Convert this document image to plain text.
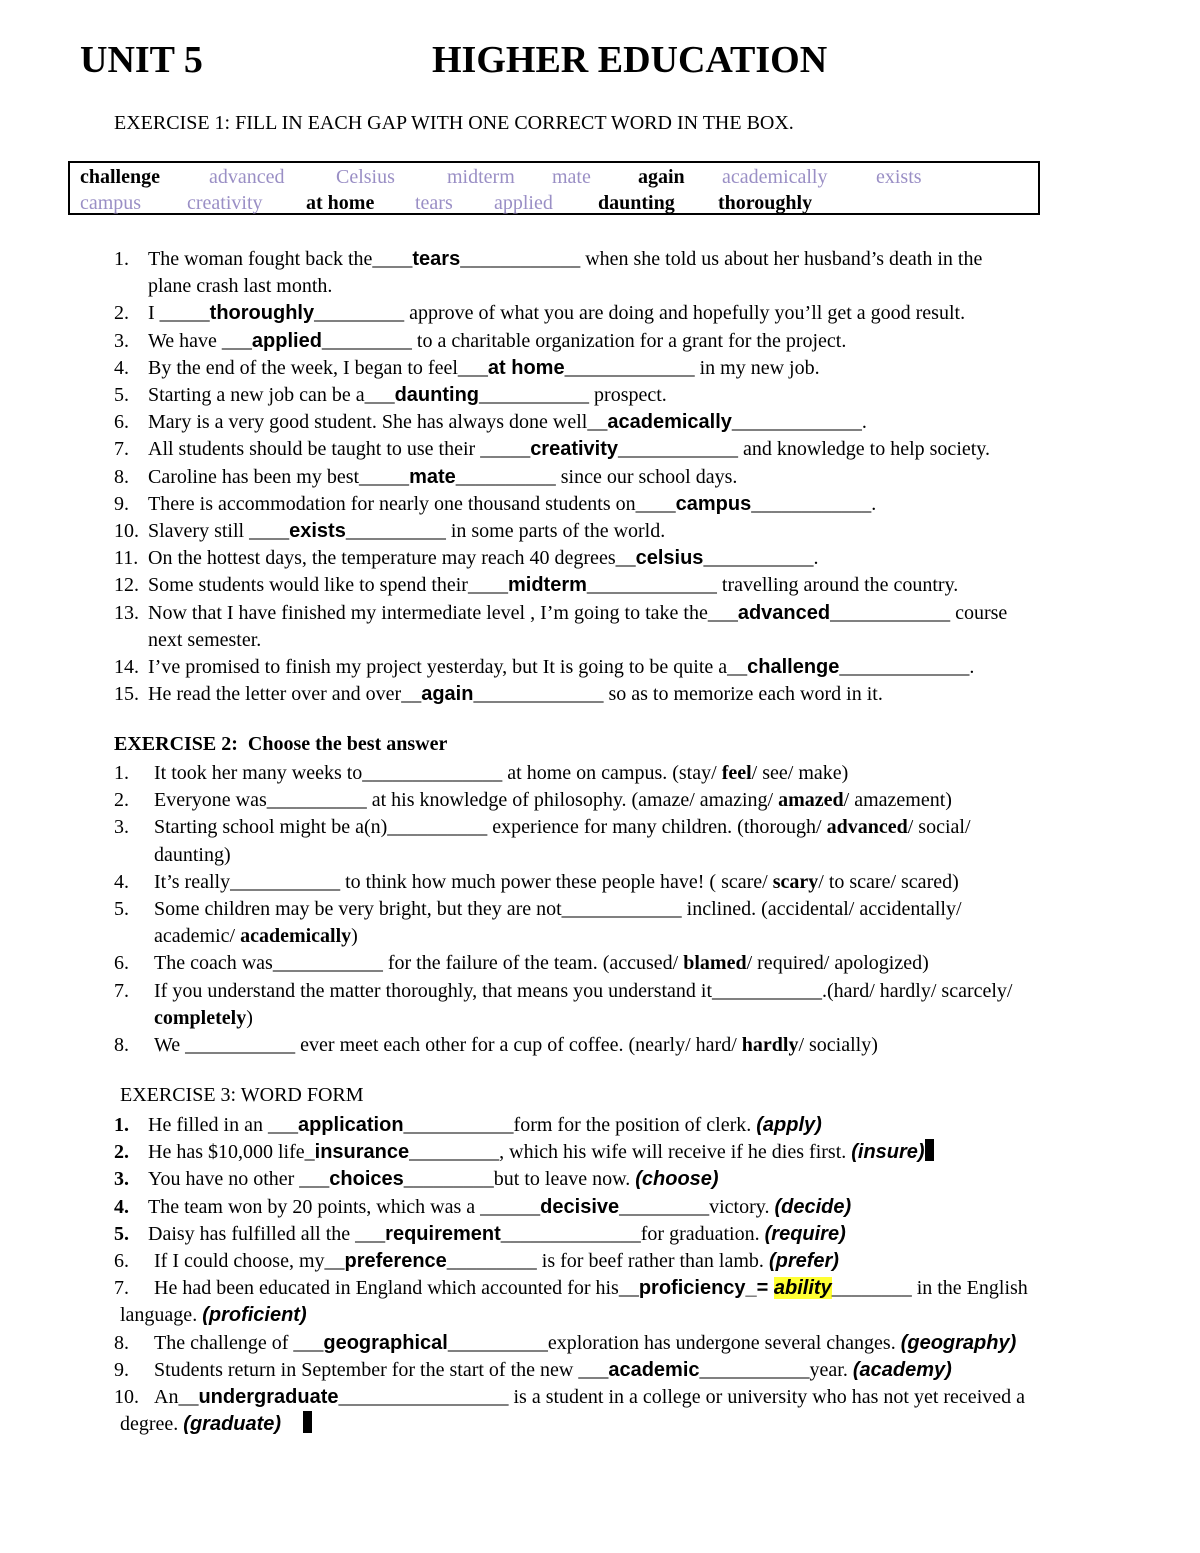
UNIT 5	HIGHER EDUCATION
EXERCISE 1: FILL IN EACH GAP WITH ONE CORRECT WORD IN THE BOX.
challenge advanced	Celsius	midterm mate again academically exists
campus creativity at home tears applied daunting thoroughly
1. The woman fought back the____tears____________ when she told us about her husband’s death in the
plane crash last month.
2. I _____thoroughly_________ approve of what you are doing and hopefully you’ll get a good result.
3. We have ___applied_________ to a charitable organization for a grant for the project.
4. By the end of the week, I began to feel___at home_____________ in my new job.
5. Starting a new job can be a___daunting___________ prospect.
6. Mary is a very good student. She has always done well__academically_____________.
7. All students should be taught to use their _____creativity____________ and knowledge to help society.
8. Caroline has been my best_____mate__________ since our school days.
9. There is accommodation for nearly one thousand students on____campus____________.
10. Slavery still ____exists__________ in some parts of the world.
11. On the hottest days, the temperature may reach 40 degrees__celsius___________.
12. Some students would like to spend their____midterm_____________ travelling around the country.
13. Now that I have finished my intermediate level , I’m going to take the___advanced____________ course
next semester.
14. I’ve promised to finish my project yesterday, but It is going to be quite a__challenge_____________.
15. He read the letter over and over__again_____________ so as to memorize each word in it.
EXERCISE 2: Choose the best answer
1.	It took her many weeks to______________ at home on campus. (stay/ feel/ see/ make)
2.	Everyone was__________ at his knowledge of philosophy. (amaze/ amazing/ amazed/ amazement)
3.	Starting school might be a(n)__________ experience for many children. (thorough/ advanced/ social/
daunting)
4.	It’s really___________ to think how much power these people have! ( scare/ scary/ to scare/ scared)
5.	Some children may be very bright, but they are not____________ inclined. (accidental/ accidentally/
academic/ academically)
6.	The coach was___________ for the failure of the team. (accused/ blamed/ required/ apologized)
7.	If you understand the matter thoroughly, that means you understand it___________.(hard/ hardly/ scarcely/
completely)
8.	We ___________ ever meet each other for a cup of coffee. (nearly/ hard/ hardly/ socially)
EXERCISE 3: WORD FORM
1. He filled in an ___application___________form for the position of clerk. (apply)
2. He has $10,000 life_insurance_________, which his wife will receive if he dies first. (insure)
3. You have no other ___choices_________but to leave now. (choose)
4. The team won by 20 points, which was a ______decisive_________victory. (decide)
5. Daisy has fulfilled all the ___requirement______________for graduation. (require)
6.	If I could choose, my__preference_________ is for beef rather than lamb. (prefer)
7.	He had been educated in England which accounted for his__proficiency_= ability________ in the English
language. (proficient)
8.	The challenge of ___geographical__________exploration has undergone several changes. (geography)
9.	Students return in September for the start of the new ___academic___________year. (academy)
10. An__undergraduate_________________ is a student in a college or university who has not yet received a
degree. (graduate)
